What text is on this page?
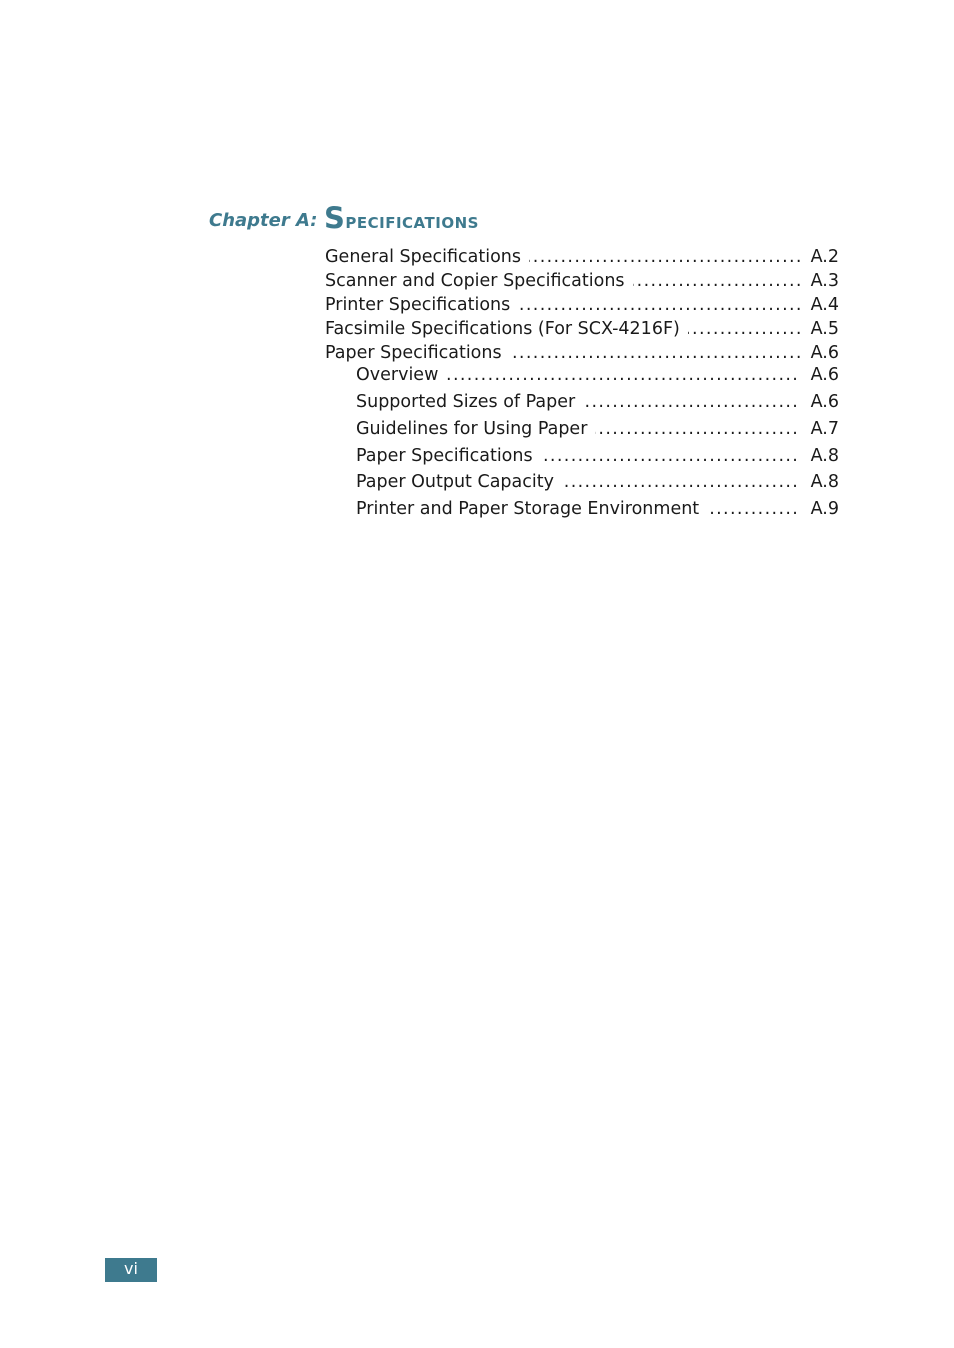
Chapter A: Specifications
General Specifications	A.2
. . .
Scanner and Copier Specifications	A.3
. . .
Printer Specifications	A.4
. . .
Facsimile Specifications (For SCX-4216F)	A.5
. . .
Paper Specifications	A.6
. . .
Overview	A.6
. . .
Supported Sizes of Paper	A.6
. . .
Guidelines for Using Paper	A.7
. . .
Paper Specifications	A.8
. . .
Paper Output Capacity	A.8
. . .
Printer and Paper Storage Environment	A.9
. . .
vi
